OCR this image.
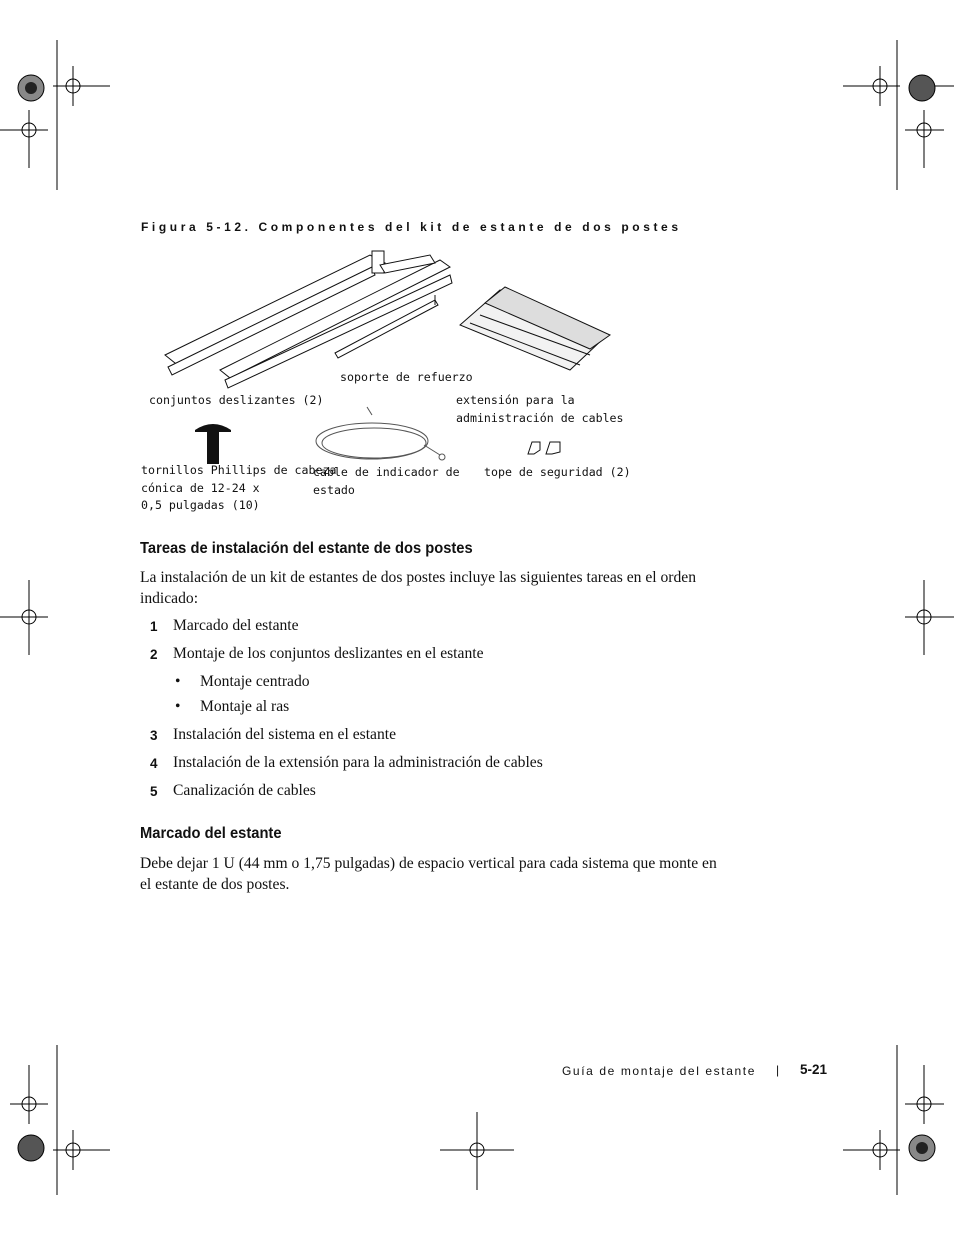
Figura 5-12. Componentes del kit de estante de dos postes
soporte de refuerzo
conjuntos deslizantes (2)	extensión para la
administración de cables
tornillos Phillips de cabeza
cónica de 12-24 x
0,5 pulgadas (10)
cable de indicador de
estado
tope de seguridad (2)
Tareas de instalación del estante de dos postes
La instalación de un kit de estantes de dos postes incluye las siguientes tareas en el orden indicado:
1 Marcado del estante
2 Montaje de los conjuntos deslizantes en el estante
• Montaje centrado
• Montaje al ras
3 Instalación del sistema en el estante
4 Instalación de la extensión para la administración de cables
5 Canalización de cables
Marcado del estante
Debe dejar 1 U (44 mm o 1,75 pulgadas) de espacio vertical para cada sistema que monte en el estante de dos postes.
Guía de montaje del estante | 5-21
